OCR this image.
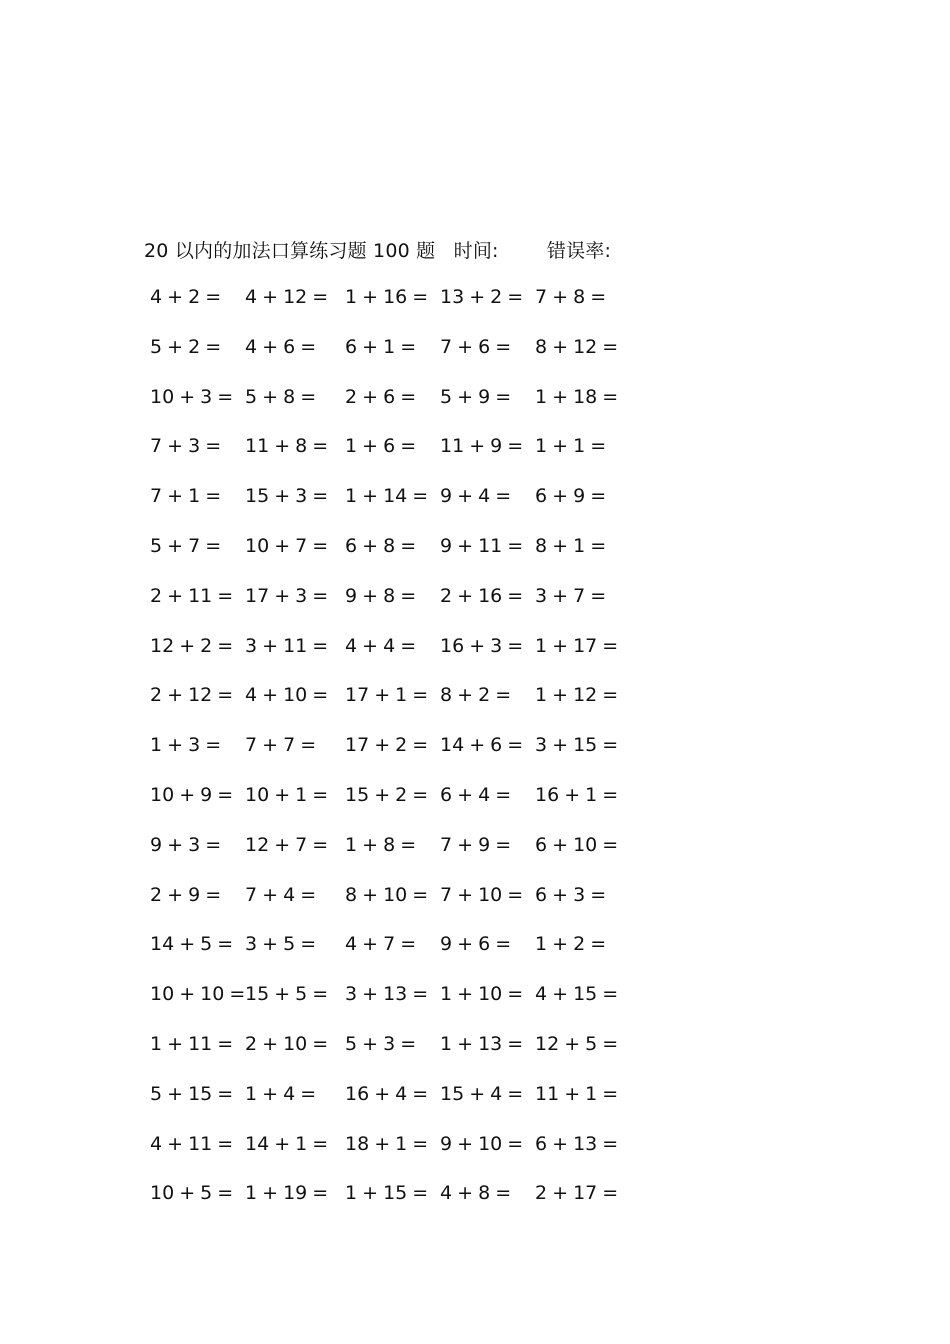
20 以内的加法口算练习题 100 题 时间:	错误率:
4 + 2 = 4 + 12 = 1 + 16 = 13 + 2 = 7 + 8 =
5 + 2 = 4 + 6 = 6 + 1 = 7 + 6 = 8 + 12 =
10 + 3 = 5 + 8 = 2 + 6 = 5 + 9 = 1 + 18 =
7 + 3 = 11 + 8 = 1 + 6 = 11 + 9 = 1 + 1 =
7 + 1 = 15 + 3 = 1 + 14 = 9 + 4 = 6 + 9 =
5 + 7 = 10 + 7 = 6 + 8 = 9 + 11 = 8 + 1 =
2 + 11 = 17 + 3 = 9 + 8 = 2 + 16 = 3 + 7 =
12 + 2 = 3 + 11 = 4 + 4 = 16 + 3 = 1 + 17 =
2 + 12 = 4 + 10 = 17 + 1 = 8 + 2 = 1 + 12 =
1 + 3 = 7 + 7 = 17 + 2 = 14 + 6 = 3 + 15 =
10 + 9 = 10 + 1 = 15 + 2 = 6 + 4 = 16 + 1 =
9 + 3 = 12 + 7 = 1 + 8 = 7 + 9 = 6 + 10 =
2 + 9 = 7 + 4 = 8 + 10 = 7 + 10 = 6 + 3 =
14 + 5 = 3 + 5 = 4 + 7 = 9 + 6 = 1 + 2 =
10 + 10 = 15 + 5 = 3 + 13 = 1 + 10 = 4 + 15 =
1 + 11 = 2 + 10 = 5 + 3 = 1 + 13 = 12 + 5 =
5 + 15 = 1 + 4 = 16 + 4 = 15 + 4 = 11 + 1 =
4 + 11 = 14 + 1 = 18 + 1 = 9 + 10 = 6 + 13 =
10 + 5 = 1 + 19 = 1 + 15 = 4 + 8 = 2 + 17 =
